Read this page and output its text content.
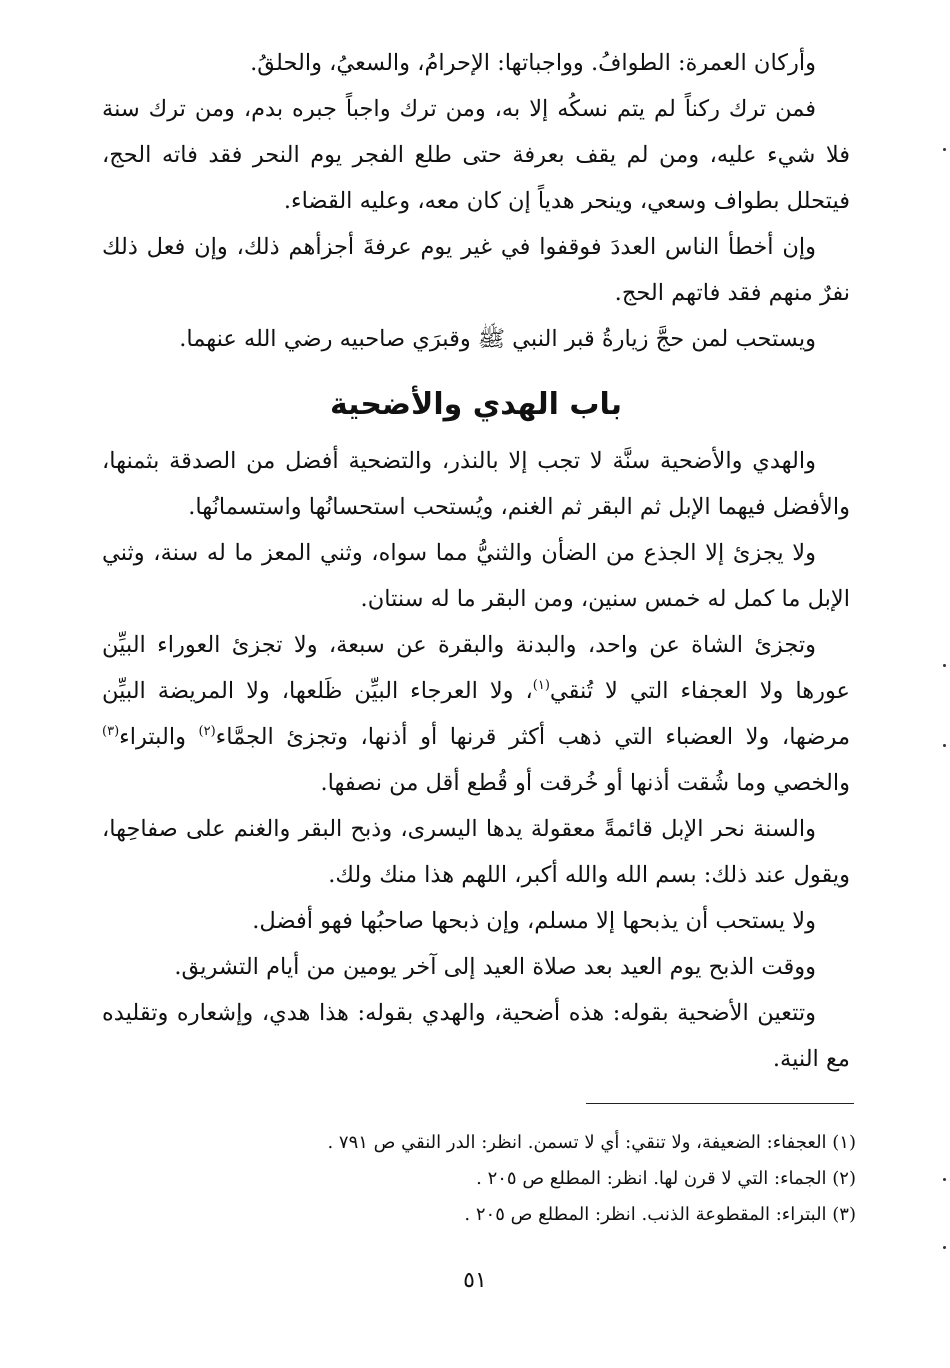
وأركان العمرة: الطوافُ. وواجباتها: الإحرامُ، والسعيُ، والحلقُ.

فمن ترك ركناً لم يتم نسكُه إلا به، ومن ترك واجباً جبره بدم، ومن ترك سنة فلا شيء عليه، ومن لم يقف بعرفة حتى طلع الفجر يوم النحر فقد فاته الحج، فيتحلل بطواف وسعي، وينحر هدياً إن كان معه، وعليه القضاء.

وإن أخطأ الناس العددَ فوقفوا في غير يوم عرفةَ أجزأهم ذلك، وإن فعل ذلك نفرٌ منهم فقد فاتهم الحج.

ويستحب لمن حجَّ زيارةُ قبر النبي ﷺ وقبرَي صاحبيه رضي الله عنهما.

باب الهدي والأضحية

والهدي والأضحية سنَّة لا تجب إلا بالنذر، والتضحية أفضل من الصدقة بثمنها، والأفضل فيهما الإبل ثم البقر ثم الغنم، ويُستحب استحسانُها واستسمانُها.

ولا يجزئ إلا الجذع من الضأن والثنيُّ مما سواه، وثني المعز ما له سنة، وثني الإبل ما كمل له خمس سنين، ومن البقر ما له سنتان.

وتجزئ الشاة عن واحد، والبدنة والبقرة عن سبعة، ولا تجزئ العوراء البيِّن عورها ولا العجفاء التي لا تُنقي$^{(١)}$، ولا العرجاء البيِّن ظَلعها، ولا المريضة البيِّن مرضها، ولا العضباء التي ذهب أكثر قرنها أو أذنها، وتجزئ الجمَّاء$^{(٢)}$ والبتراء$^{(٣)}$ والخصي وما شُقت أذنها أو خُرقت أو قُطع أقل من نصفها.

والسنة نحر الإبل قائمةً معقولة يدها اليسرى، وذبح البقر والغنم على صفاحِها، ويقول عند ذلك: بسم الله والله أكبر، اللهم هذا منك ولك.

ولا يستحب أن يذبحها إلا مسلم، وإن ذبحها صاحبُها فهو أفضل.

ووقت الذبح يوم العيد بعد صلاة العيد إلى آخر يومين من أيام التشريق.

وتتعين الأضحية بقوله: هذه أضحية، والهدي بقوله: هذا هدي، وإشعاره وتقليده مع النية.

(١) العجفاء: الضعيفة، ولا تنقي: أي لا تسمن. انظر: الدر النقي ص ٧٩١ .

(٢) الجماء: التي لا قرن لها. انظر: المطلع ص ٢٠٥ .

(٣) البتراء: المقطوعة الذنب. انظر: المطلع ص ٢٠٥ .

٥١
